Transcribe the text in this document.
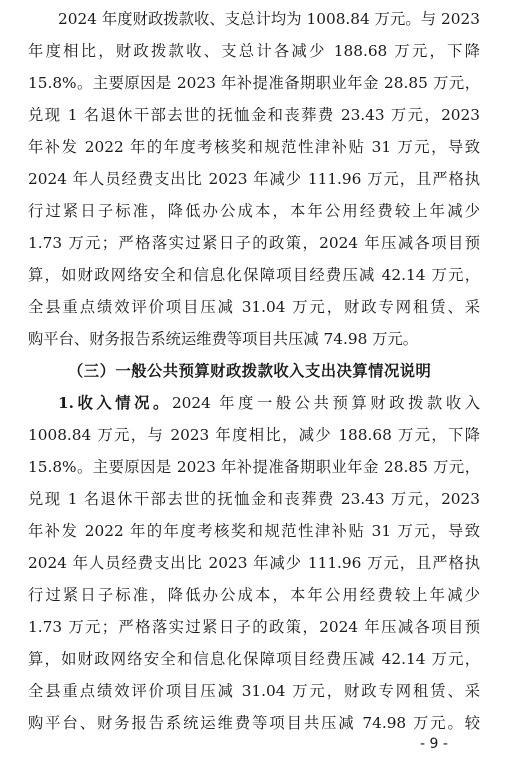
2024 年度财政拨款收、支总计均为 1008.84 万元。与 2023
年度相比，财政拨款收、支总计各减少 188.68 万元，下降
15.8%。主要原因是 2023 年补提准备期职业年金 28.85 万元，
兑现 1 名退休干部去世的抚恤金和丧葬费 23.43 万元，2023
年补发 2022 年的年度考核奖和规范性津补贴 31 万元，导致
2024 年人员经费支出比 2023 年减少 111.96 万元，且严格执
行过紧日子标准，降低办公成本，本年公用经费较上年减少
1.73 万元；严格落实过紧日子的政策，2024 年压减各项目预
算，如财政网络安全和信息化保障项目经费压减 42.14 万元，
全县重点绩效评价项目压减 31.04 万元，财政专网租赁、采
购平台、财务报告系统运维费等项目共压减 74.98 万元。
（三）一般公共预算财政拨款收入支出决算情况说明
1.收入情况。2024 年度一般公共预算财政拨款收入
1008.84 万元，与 2023 年度相比，减少 188.68 万元，下降
15.8%。主要原因是 2023 年补提准备期职业年金 28.85 万元，
兑现 1 名退休干部去世的抚恤金和丧葬费 23.43 万元，2023
年补发 2022 年的年度考核奖和规范性津补贴 31 万元，导致
2024 年人员经费支出比 2023 年减少 111.96 万元，且严格执
行过紧日子标准，降低办公成本，本年公用经费较上年减少
1.73 万元；严格落实过紧日子的政策，2024 年压减各项目预
算，如财政网络安全和信息化保障项目经费压减 42.14 万元，
全县重点绩效评价项目压减 31.04 万元，财政专网租赁、采
购平台、财务报告系统运维费等项目共压减 74.98 万元。较
- 9 -
